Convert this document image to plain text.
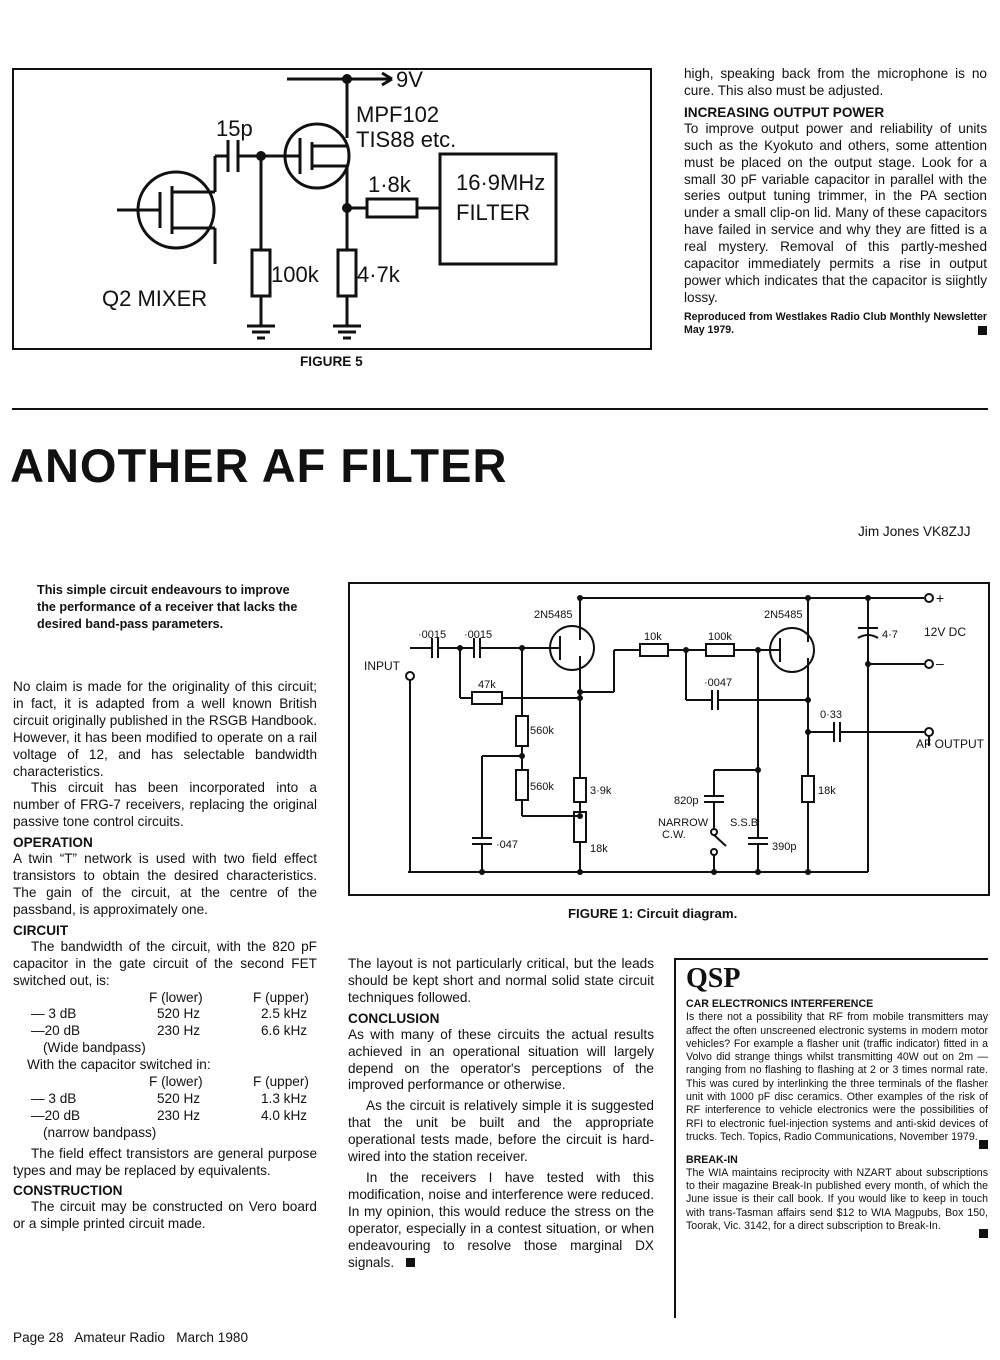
9V
MPF102
TIS88 etc.
15p
1·8k 16·9MHz
FILTER
100k 4·7k
Q2 MIXER
FIGURE 5

high, speaking back from the microphone is no cure. This also must be adjusted.

INCREASING OUTPUT POWER

To improve output power and reliability of units such as the Kyokuto and others, some attention must be placed on the output stage. Look for a small 30 pF variable capacitor in parallel with the series output tuning trimmer, in the PA section under a small clip-on lid. Many of these capacitors have failed in service and why they are fitted is a real mystery. Removal of this partly-meshed capacitor immediately permits a rise in output power which indicates that the capacitor is siightly lossy.

Reproduced from Westlakes Radio Club Monthly Newsletter May 1979.

ANOTHER AF FILTER
Jim Jones VK8ZJJ
This simple circuit endeavours to improve the performance of a receiver that lacks the desired band-pass parameters.

No claim is made for the originality of this circuit; in fact, it is adapted from a well known British circuit originally published in the RSGB Handbook. However, it has been modified to operate on a rail voltage of 12, and has selectable bandwidth characteristics.

This circuit has been incorporated into a number of FRG-7 receivers, replacing the original passive tone control circuits.

OPERATION

A twin “T” network is used with two field effect transistors to obtain the desired characteristics. The gain of the circuit, at the centre of the passband, is approximately one.

CIRCUIT

The bandwidth of the circuit, with the 820 pF capacitor in the gate circuit of the second FET switched out, is:

	F (lower)	F (upper)
— 3 dB	520 Hz	2.5 kHz
—20 dB	230 Hz	6.6 kHz
(Wide bandpass)		

With the capacitor switched in:

	F (lower)	F (upper)
— 3 dB	520 Hz	1.3 kHz
—20 dB	230 Hz	4.0 kHz
(narrow bandpass)		

The field effect transistors are general purpose types and may be replaced by equivalents.

CONSTRUCTION

The circuit may be constructed on Vero board or a simple printed circuit made.

·0015 ·0015
2N5485	2N5485
10k	100k
INPUT
47k	·0047
560k
560k	3·9k
18k
·047
820p
NARROW
C.W.
S.S.B
390p
18k
0·33
4·7
+
–
12V DC
AF OUTPUT
FIGURE 1: Circuit diagram.

The layout is not particularly critical, but the leads should be kept short and normal solid state circuit techniques followed.

CONCLUSION

As with many of these circuits the actual results achieved in an operational situation will largely depend on the operator's perceptions of the improved performance or otherwise.

As the circuit is relatively simple it is suggested that the unit be built and the appropriate operational tests made, before the circuit is hard-wired into the station receiver.

In the receivers I have tested with this modification, noise and interference were reduced. In my opinion, this would reduce the stress on the operator, especially in a contest situation, or when endeavouring to resolve those marginal DX signals.

QSP

CAR ELECTRONICS INTERFERENCE

Is there not a possibility that RF from mobile transmitters may affect the often unscreened electronic systems in modern motor vehicles? For example a flasher unit (traffic indicator) fitted in a Volvo did strange things whilst transmitting 40W out on 2m — ranging from no flashing to flashing at 2 or 3 times normal rate. This was cured by interlinking the three terminals of the flasher unit with 1000 pF disc ceramics. Other examples of the risk of RF interference to vehicle electronics were the possibilities of RFI to electronic fuel-injection systems and anti-skid devices of trucks. Tech. Topics, Radio Communications, November 1979.

BREAK-IN

The WIA maintains reciprocity with NZART about subscriptions to their magazine Break-In published every month, of which the June issue is their call book. If you would like to keep in touch with trans-Tasman affairs send $12 to WIA Magpubs, Box 150, Toorak, Vic. 3142, for a direct subscription to Break-In.

Page 28   Amateur Radio   March 1980
